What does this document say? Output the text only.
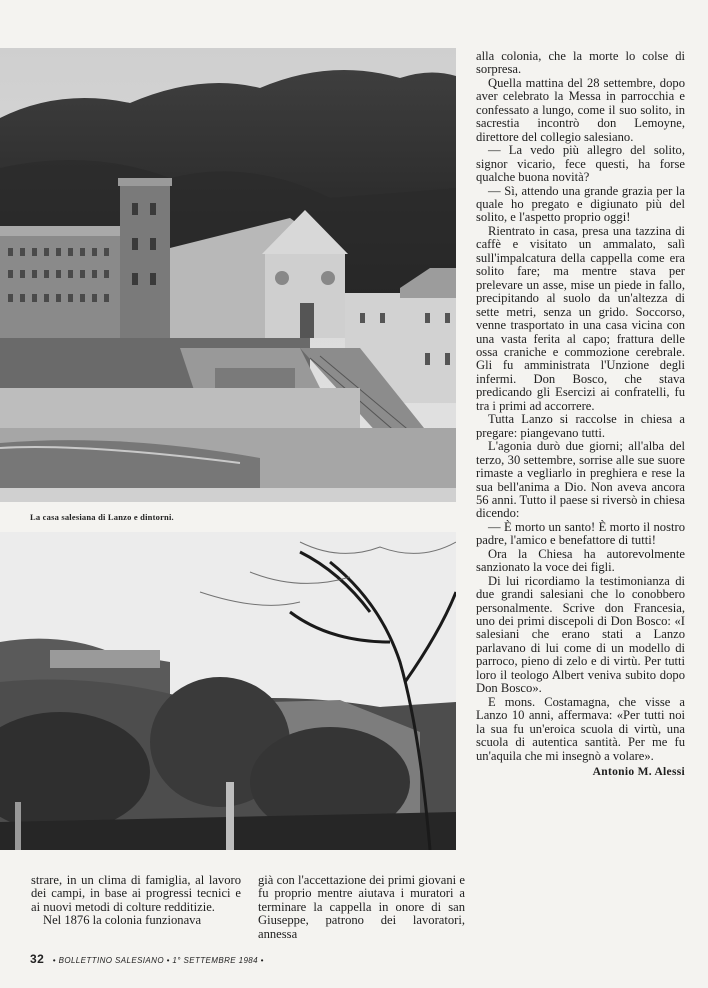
La casa salesiana di Lanzo e dintorni.

alla colonia, che la morte lo colse di sorpresa.

Quella mattina del 28 settembre, dopo aver celebrato la Messa in parrocchia e confessato a lungo, come il suo solito, in sacrestia incontrò don Lemoyne, direttore del collegio salesiano.

— La vedo più allegro del solito, signor vicario, fece questi, ha forse qualche buona novità?

— Sì, attendo una grande grazia per la quale ho pregato e digiunato più del solito, e l'aspetto proprio oggi!

Rientrato in casa, presa una tazzina di caffè e visitato un ammalato, salì sull'impalcatura della cappella come era solito fare; ma mentre stava per prelevare un asse, mise un piede in fallo, precipitando al suolo da un'altezza di sette metri, senza un grido. Soccorso, venne trasportato in una casa vicina con una vasta ferita al capo; frattura delle ossa craniche e commozione cerebrale. Gli fu amministrata l'Unzione degli infermi. Don Bosco, che stava predicando gli Esercizi ai confratelli, fu tra i primi ad accorrere.

Tutta Lanzo si raccolse in chiesa a pregare: piangevano tutti.

L'agonia durò due giorni; all'alba del terzo, 30 settembre, sorrise alle sue suore rimaste a vegliarlo in preghiera e rese la sua bell'anima a Dio. Non aveva ancora 56 anni. Tutto il paese si riversò in chiesa dicendo:

— È morto un santo! È morto il nostro padre, l'amico e benefattore di tutti!

Ora la Chiesa ha autorevolmente sanzionato la voce dei figli.

Di lui ricordiamo la testimonianza di due grandi salesiani che lo conobbero personalmente. Scrive don Francesia, uno dei primi discepoli di Don Bosco: «I salesiani che erano stati a Lanzo parlavano di lui come di un modello di parroco, pieno di zelo e di virtù. Per tutti loro il teologo Albert veniva subito dopo Don Bosco».

E mons. Costamagna, che visse a Lanzo 10 anni, affermava: «Per tutti noi la sua fu un'eroica scuola di virtù, una scuola di autentica santità. Per me fu un'aquila che mi insegnò a volare».

Antonio M. Alessi

strare, in un clima di famiglia, al lavoro dei campi, in base ai progressi tecnici e ai nuovi metodi di colture redditizie.

Nel 1876 la colonia funzionava

già con l'accettazione dei primi giovani e fu proprio mentre aiutava i muratori a terminare la cappella in onore di san Giuseppe, patrono dei lavoratori, annessa

32 • BOLLETTINO SALESIANO • 1° SETTEMBRE 1984 •
